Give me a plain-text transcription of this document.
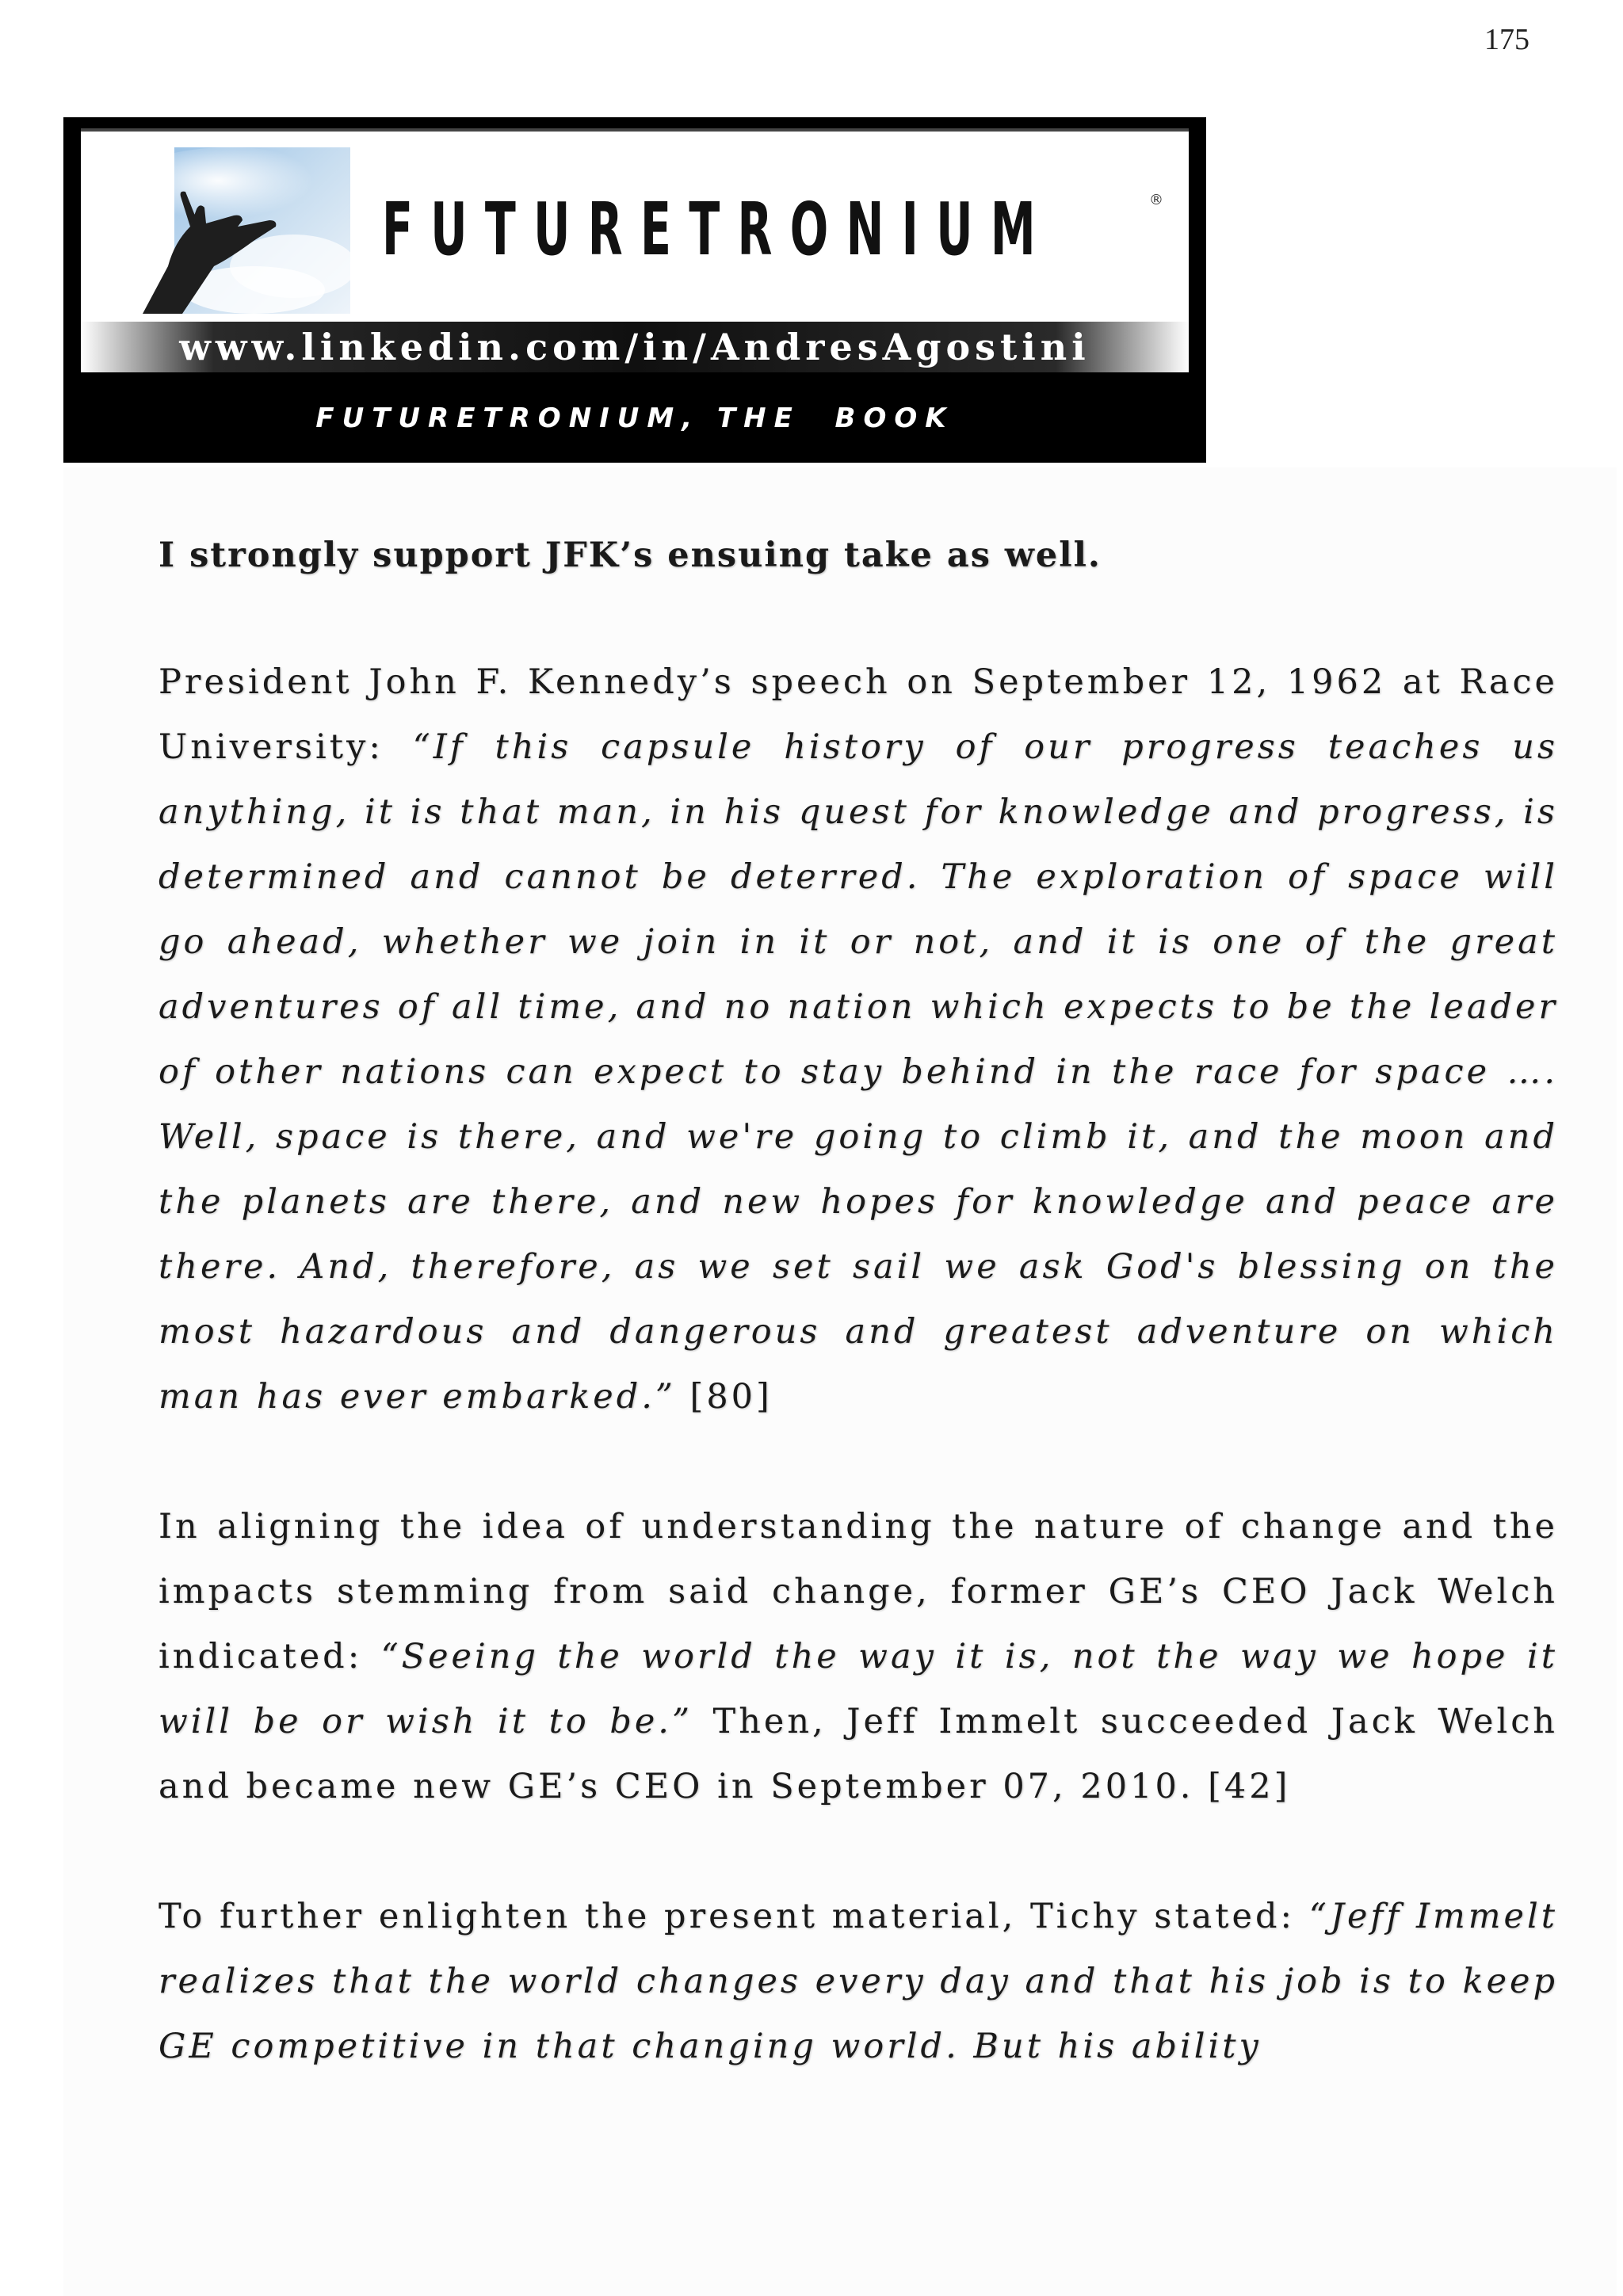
175
FUTURETRONIUM	®
www.linkedin.com/in/AndresAgostini
FUTURETRONIUM, THE  BOOK
I strongly support JFK’s ensuing take as well.

President John F. Kennedy’s speech on September 12, 1962 at Race University: “If this capsule history of our progress teaches us anything, it is that man, in his quest for knowledge and progress, is determined and cannot be deterred. The exploration of space will go ahead, whether we join in it or not, and it is one of the great adventures of all time, and no nation which expects to be the leader of other nations can expect to stay behind in the race for space …. Well, space is there, and we're going to climb it, and the moon and the planets are there, and new hopes for knowledge and peace are there. And, therefore, as we set sail we ask God's blessing on the most hazardous and dangerous and greatest adventure on which man has ever embarked.” [80]

In aligning the idea of understanding the nature of change and the impacts stemming from said change, former GE’s CEO Jack Welch indicated: “Seeing the world the way it is, not the way we hope it will be or wish it to be.” Then, Jeff Immelt succeeded Jack Welch and became new GE’s CEO in September 07, 2010. [42]

To further enlighten the present material, Tichy stated: “Jeff Immelt realizes that the world changes every day and that his job is to keep GE competitive in that changing world. But his ability
